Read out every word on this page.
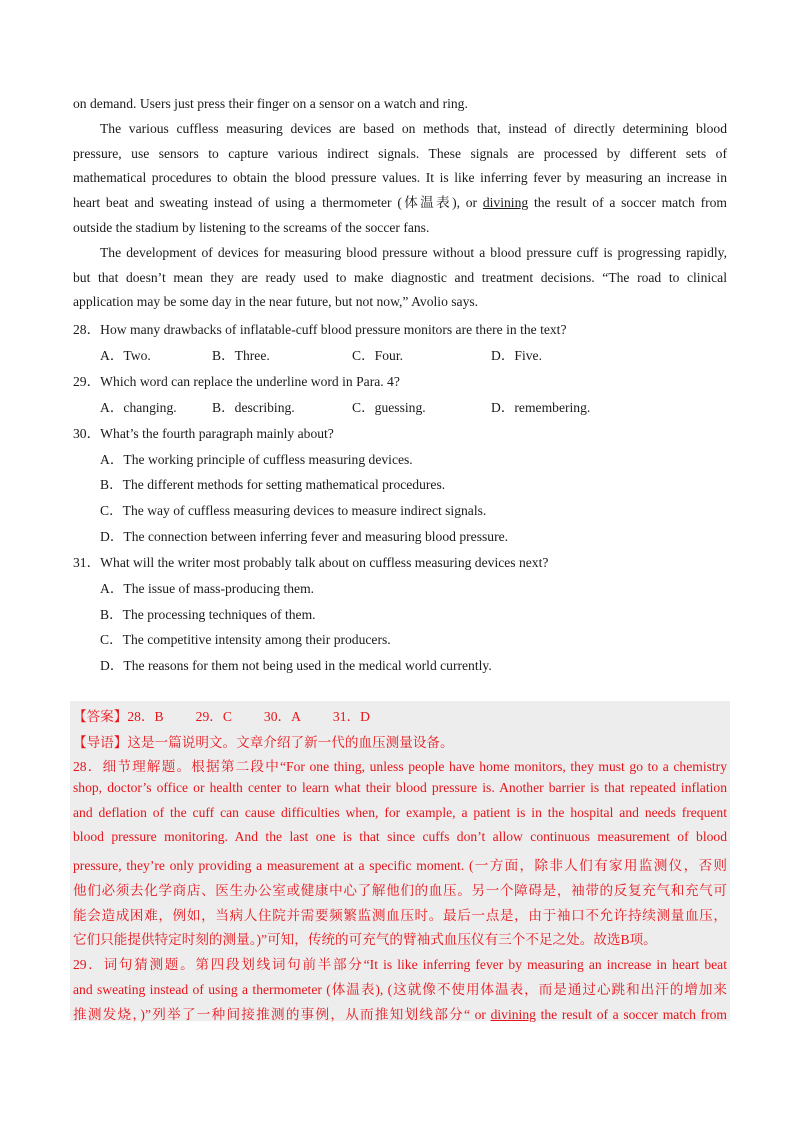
on demand. Users just press their finger on a sensor on a watch and ring.
The various cuffless measuring devices are based on methods that, instead of directly determining blood
pressure, use sensors to capture various indirect signals. These signals are processed by different sets of
mathematical procedures to obtain the blood pressure values. It is like inferring fever by measuring an increase in
heart beat and sweating instead of using a thermometer (体温表), or divining the result of a soccer match from
outside the stadium by listening to the screams of the soccer fans.
The development of devices for measuring blood pressure without a blood pressure cuff is progressing rapidly,
but that doesn’t mean they are ready used to make diagnostic and treatment decisions. “The road to clinical
application may be some day in the near future, but not now,” Avolio says.
28．How many drawbacks of inflatable-cuff blood pressure monitors are there in the text?
A．Two.	B．Three.	C．Four.	D．Five.
29．Which word can replace the underline word in Para. 4?
A．changing.	B．describing.	C．guessing.	D．remembering.
30．What’s the fourth paragraph mainly about?
A．The working principle of cuffless measuring devices.
B．The different methods for setting mathematical procedures.
C．The way of cuffless measuring devices to measure indirect signals.
D．The connection between inferring fever and measuring blood pressure.
31．What will the writer most probably talk about on cuffless measuring devices next?
A．The issue of mass-producing them.
B．The processing techniques of them.
C．The competitive intensity among their producers.
D．The reasons for them not being used in the medical world currently.
【答案】28．B 29．C 30．A 31．D
【导语】这是一篇说明文。文章介绍了新一代的血压测量设备。
28．细节理解题。根据第二段中“For one thing, unless people have home monitors, they must go to a chemistry
shop, doctor’s office or health center to learn what their blood pressure is. Another barrier is that repeated inflation
and deflation of the cuff can cause difficulties when, for example, a patient is in the hospital and needs frequent
blood pressure monitoring. And the last one is that since cuffs don’t allow continuous measurement of blood
pressure, they’re only providing a measurement at a specific moment. (一方面，除非人们有家用监测仪，否则
他们必须去化学商店、医生办公室或健康中心了解他们的血压。另一个障碍是，袖带的反复充气和充气可
能会造成困难，例如，当病人住院并需要频繁监测血压时。最后一点是，由于袖口不允许持续测量血压，
它们只能提供特定时刻的测量。)”可知，传统的可充气的臂袖式血压仪有三个不足之处。故选B项。
29．词句猜测题。第四段划线词句前半部分“It is like inferring fever by measuring an increase in heart beat
and sweating instead of using a thermometer (体温表), (这就像不使用体温表，而是通过心跳和出汗的增加来
推测发烧，)”列举了一种间接推测的事例，从而推知划线部分“ or divining the result of a soccer match from
